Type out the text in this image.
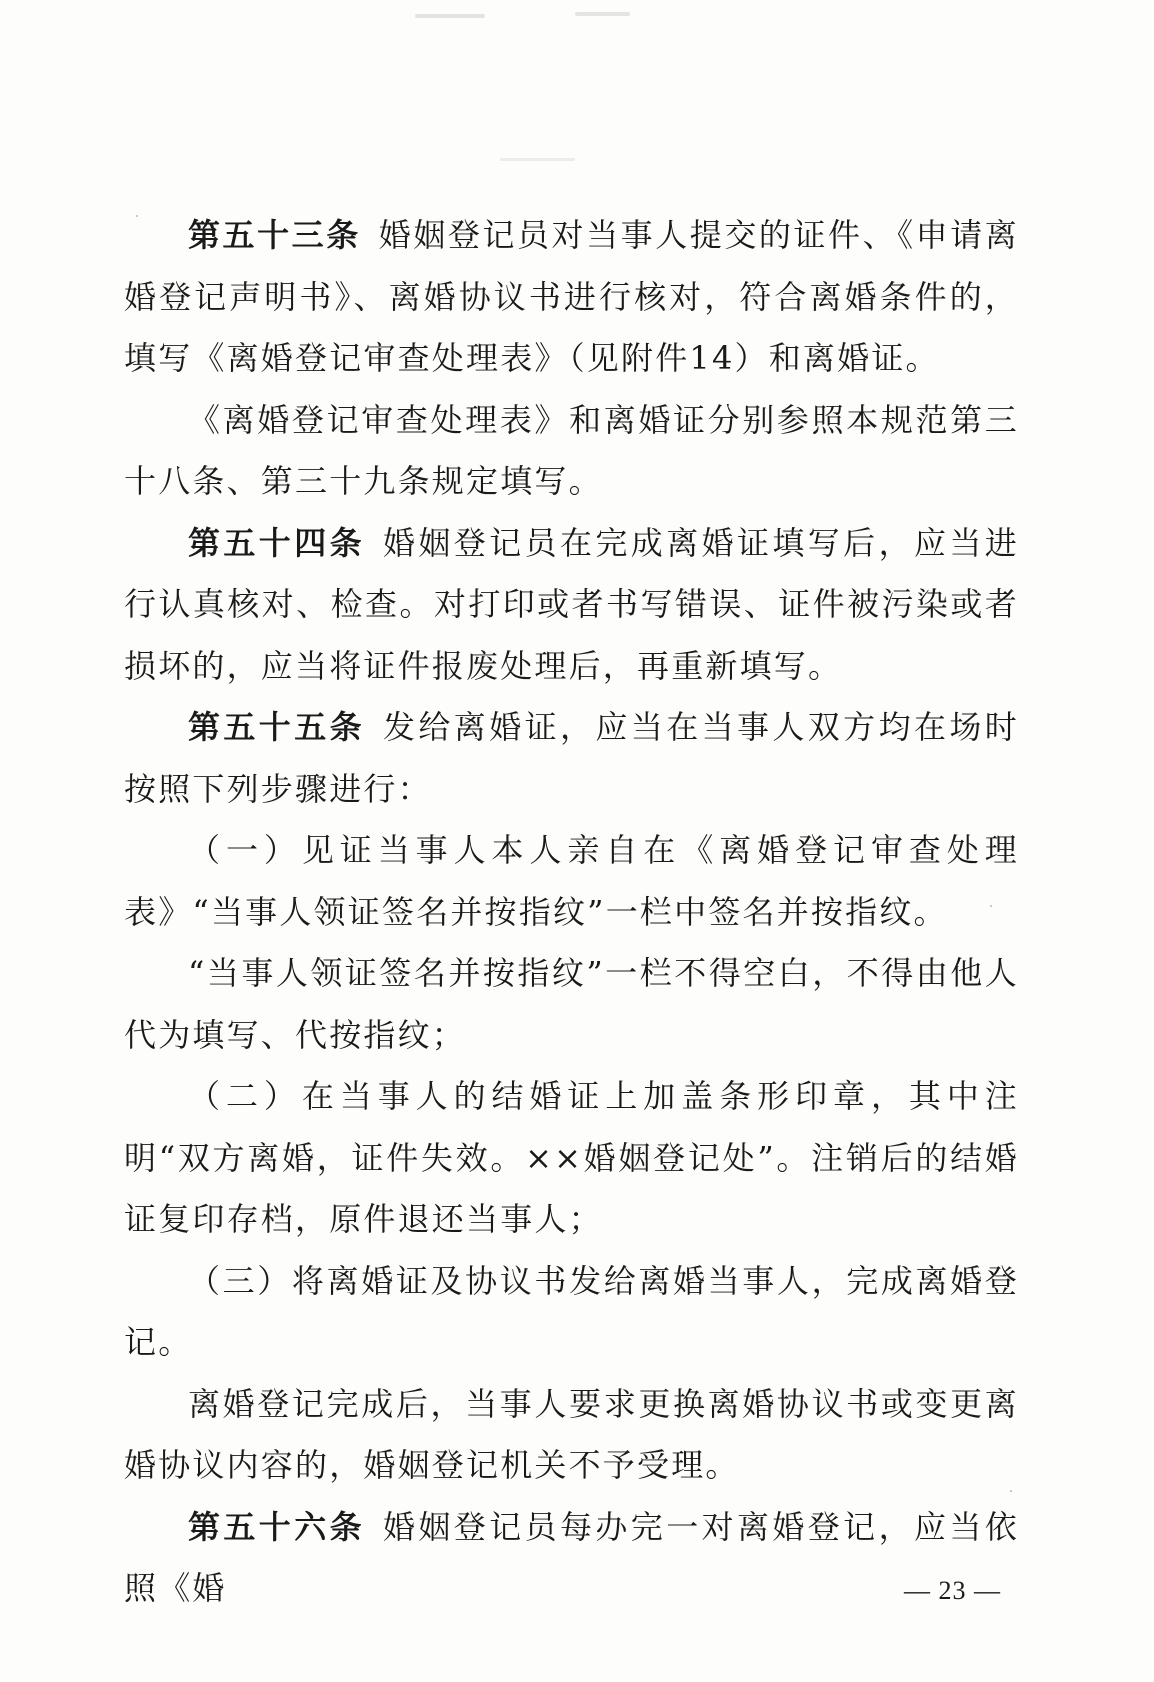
第五十三条 婚姻登记员对当事人提交的证件、《申请离婚登记声明书》、离婚协议书进行核对，符合离婚条件的，填写《离婚登记审查处理表》（见附件14）和离婚证。

《离婚登记审查处理表》和离婚证分别参照本规范第三十八条、第三十九条规定填写。

第五十四条 婚姻登记员在完成离婚证填写后，应当进行认真核对、检查。对打印或者书写错误、证件被污染或者损坏的，应当将证件报废处理后，再重新填写。

第五十五条 发给离婚证，应当在当事人双方均在场时按照下列步骤进行：

（一）见证当事人本人亲自在《离婚登记审查处理表》“当事人领证签名并按指纹”一栏中签名并按指纹。

“当事人领证签名并按指纹”一栏不得空白，不得由他人代为填写、代按指纹；

（二）在当事人的结婚证上加盖条形印章，其中注明“双方离婚，证件失效。××婚姻登记处”。注销后的结婚证复印存档，原件退还当事人；

（三）将离婚证及协议书发给离婚当事人，完成离婚登记。

离婚登记完成后，当事人要求更换离婚协议书或变更离婚协议内容的，婚姻登记机关不予受理。

第五十六条 婚姻登记员每办完一对离婚登记，应当依照《婚	— 23 —
